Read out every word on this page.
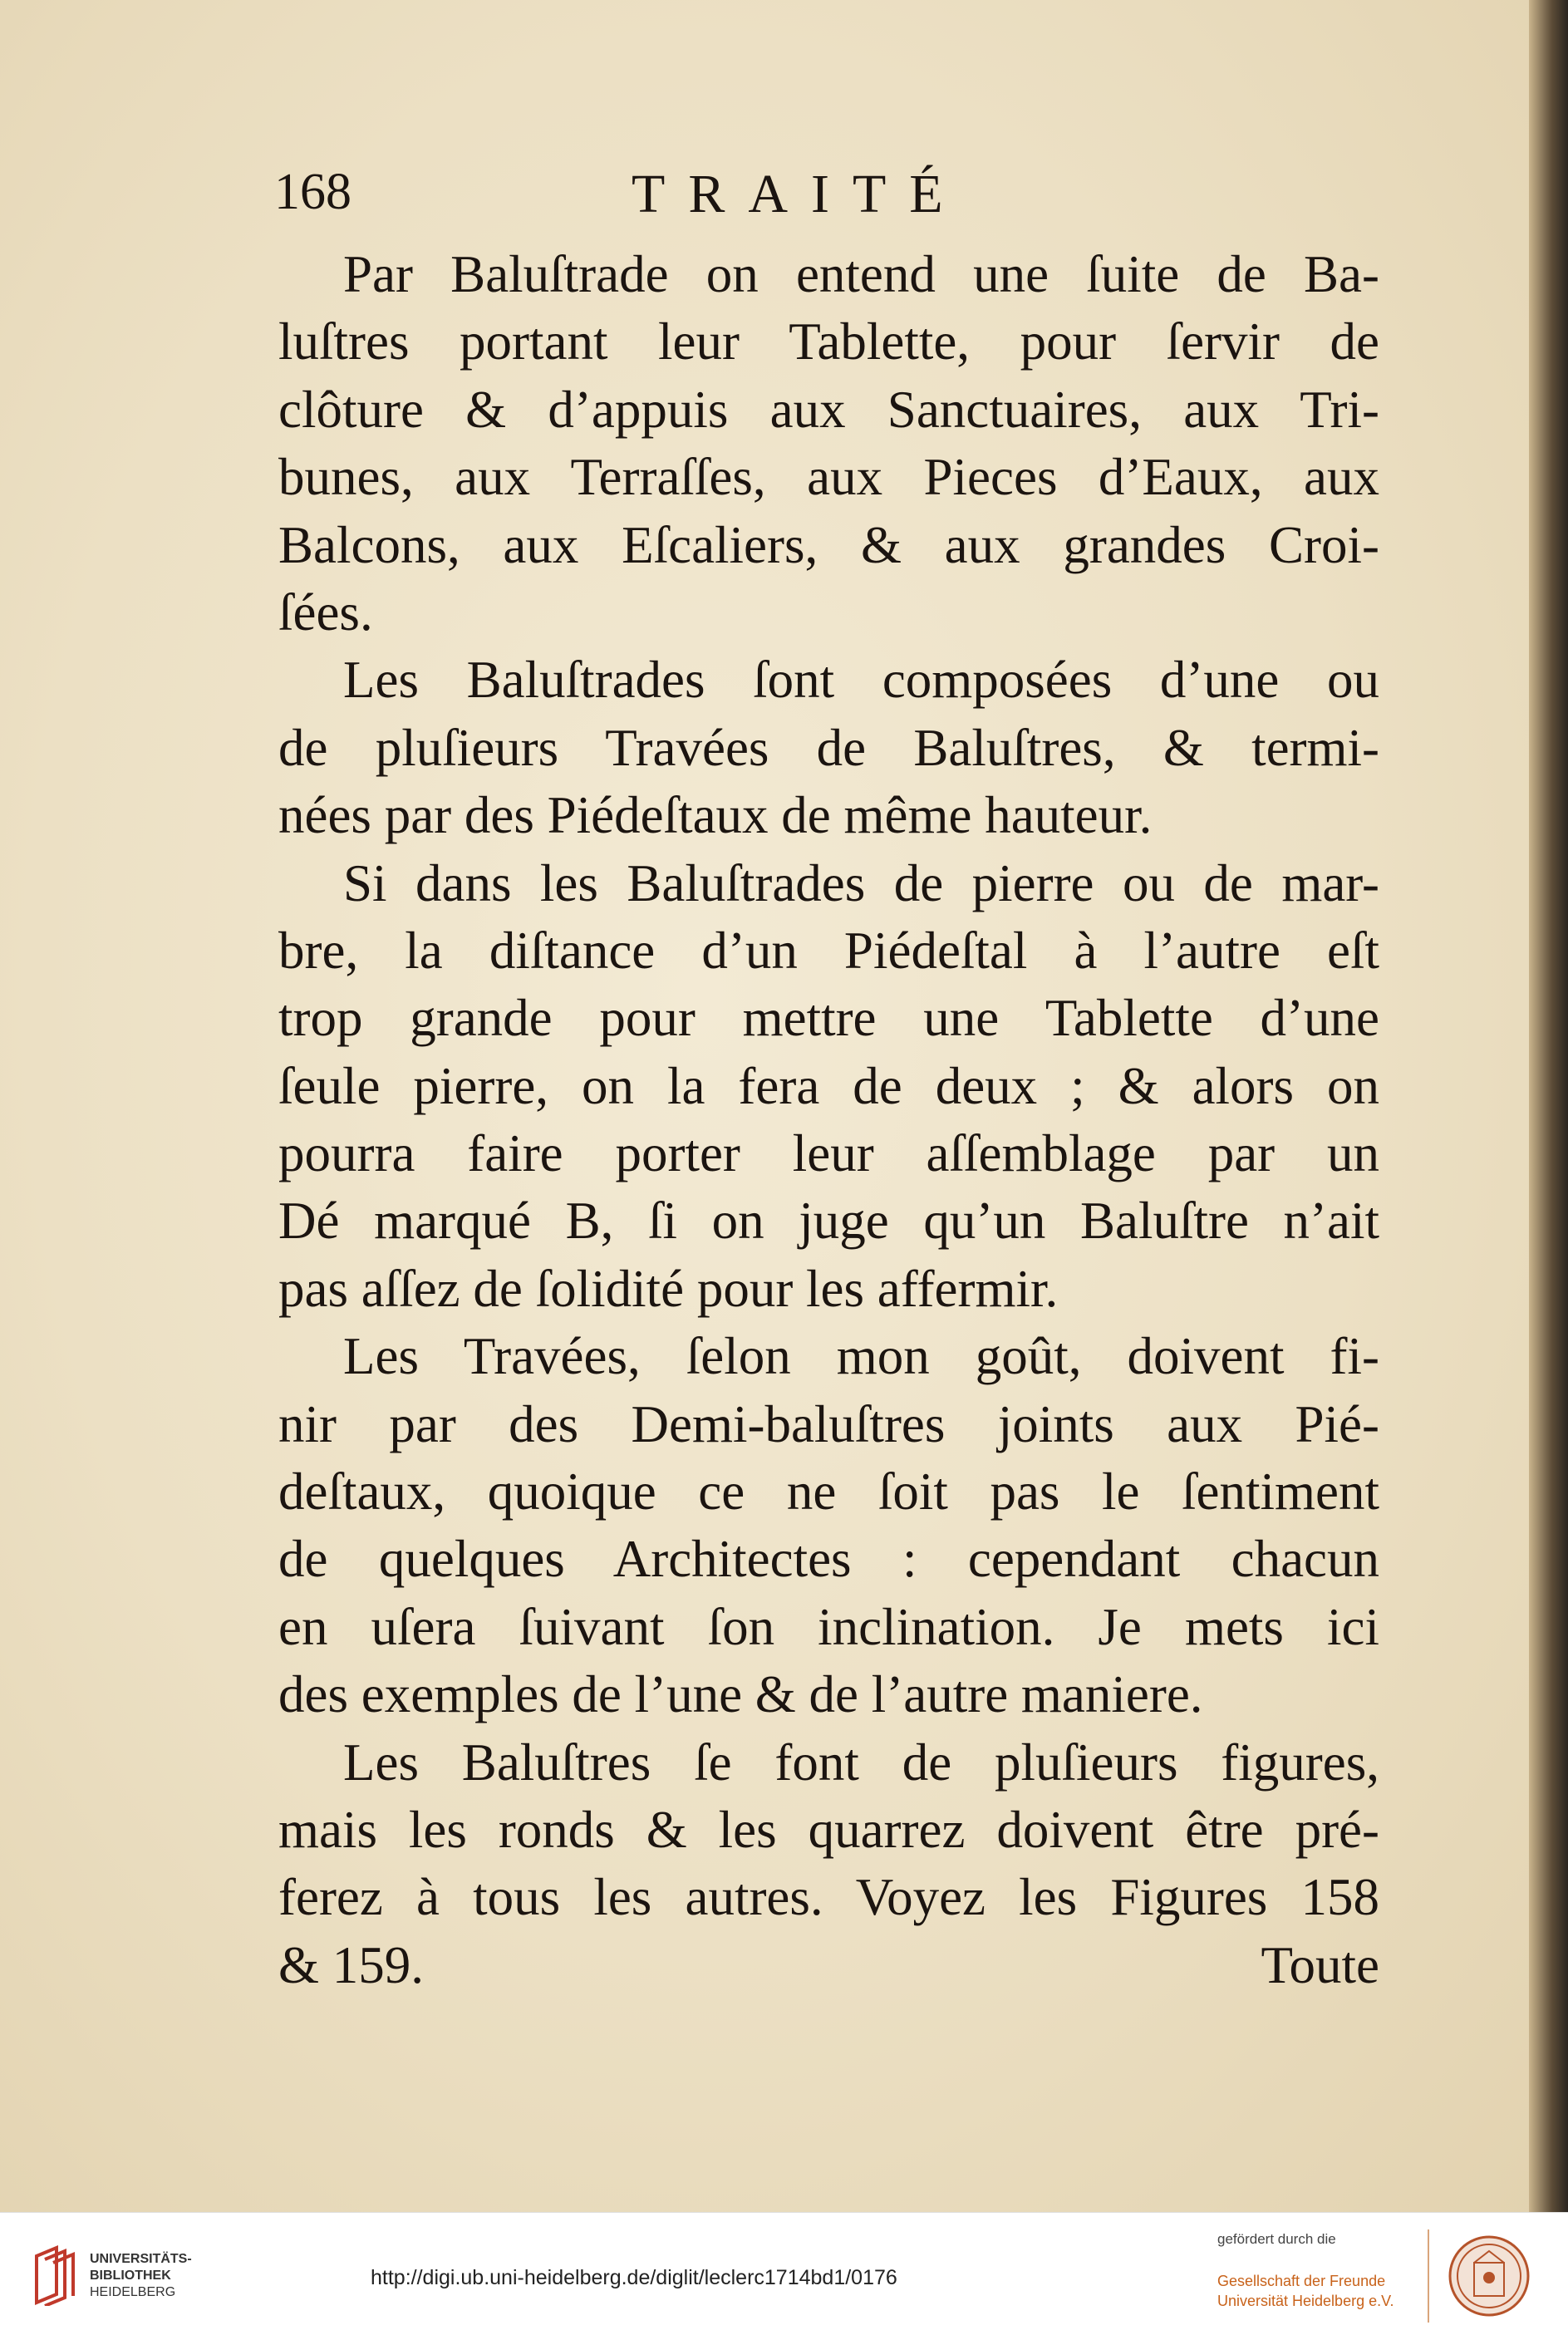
168	TRAITÉ
Par Baluſtrade on entend une ſuite de Ba-
luſtres portant leur Tablette, pour ſervir de
clôture & d’appuis aux Sanctuaires, aux Tri-
bunes, aux Terraſſes, aux Pieces d’Eaux, aux
Balcons, aux Eſcaliers, & aux grandes Croi-
ſées.
Les Baluſtrades ſont composées d’une ou
de pluſieurs Travées de Baluſtres, & termi-
nées par des Piédeſtaux de même hauteur.
Si dans les Baluſtrades de pierre ou de mar-
bre, la diſtance d’un Piédeſtal à l’autre eſt
trop grande pour mettre une Tablette d’une
ſeule pierre, on la fera de deux ; & alors on
pourra faire porter leur aſſemblage par un
Dé marqué B, ſi on juge qu’un Baluſtre n’ait
pas aſſez de ſolidité pour les affermir.
Les Travées, ſelon mon goût, doivent fi-
nir par des Demi-baluſtres joints aux Pié-
deſtaux, quoique ce ne ſoit pas le ſentiment
de quelques Architectes : cependant chacun
en uſera ſuivant ſon inclination. Je mets ici
des exemples de l’une & de l’autre maniere.
Les Baluſtres ſe font de pluſieurs figures,
mais les ronds & les quarrez doivent être pré-
ferez à tous les autres. Voyez les Figures 158
& 159.	Toute
UNIVERSITÄTS-
BIBLIOTHEK
HEIDELBERG
http://digi.ub.uni-heidelberg.de/diglit/leclerc1714bd1/0176
gefördert durch die
Gesellschaft der Freunde
Universität Heidelberg e.V.
